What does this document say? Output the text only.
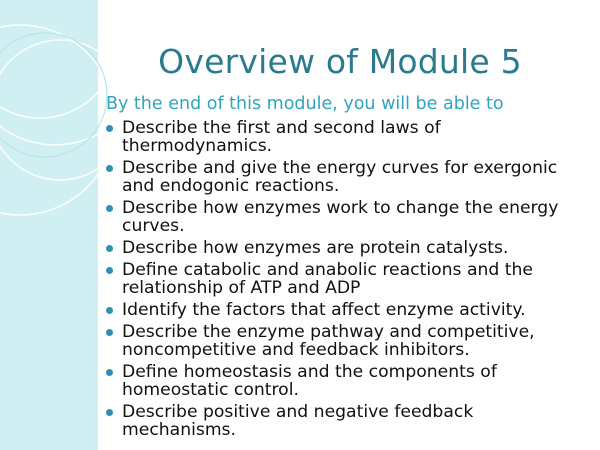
Overview of Module 5
By the end of this module, you will be able to
Describe the first and second laws of thermodynamics.
Describe and give the energy curves for exergonic and endogonic reactions.
Describe how enzymes work to change the energy curves.
Describe how enzymes are protein catalysts.
Define catabolic and anabolic reactions and the relationship of ATP and ADP
Identify the factors that affect enzyme activity.
Describe the enzyme pathway and competitive, noncompetitive and feedback inhibitors.
Define homeostasis and the components of homeostatic control.
Describe positive and negative feedback mechanisms.
